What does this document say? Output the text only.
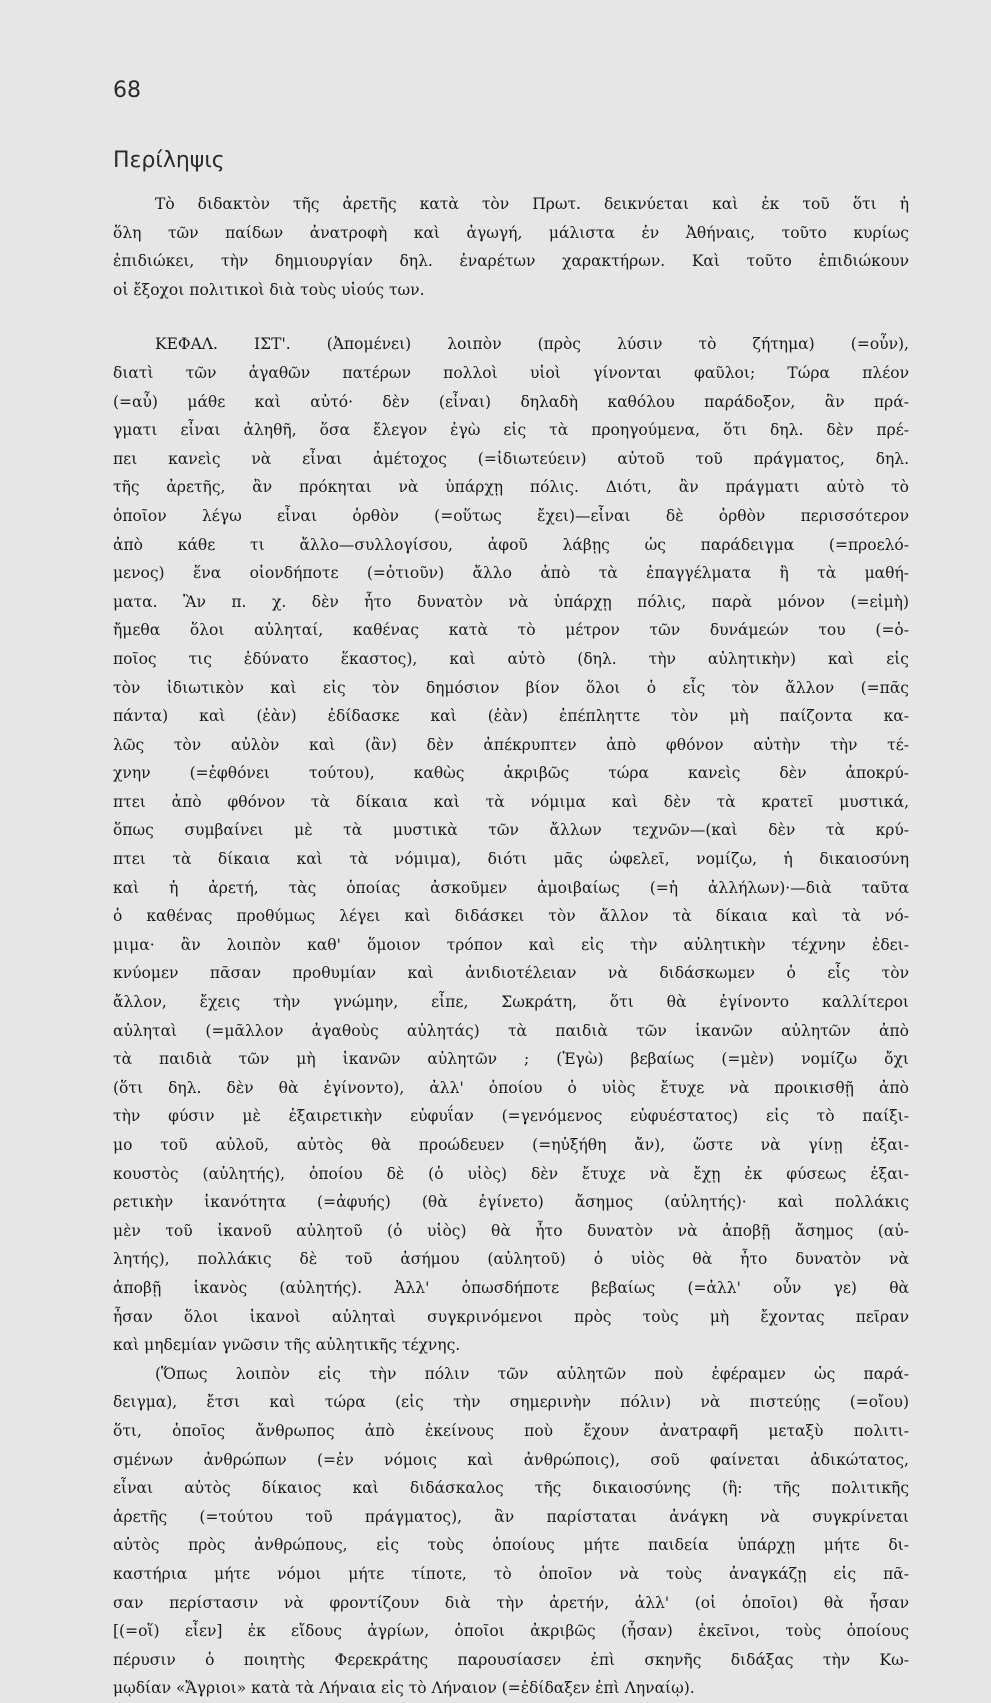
68
Περίληψις
Τὸ διδακτὸν τῆς ἀρετῆς κατὰ τὸν Πρωτ. δεικνύεται καὶ ἐκ τοῦ ὅτι ἡ
ὅλη τῶν παίδων ἀνατροφὴ καὶ ἀγωγή, μάλιστα ἐν Ἀθήναις, τοῦτο κυρίως
ἐπιδιώκει, τὴν δημιουργίαν δηλ. ἐναρέτων χαρακτήρων. Καὶ τοῦτο ἐπιδιώκουν
οἱ ἔξοχοι πολιτικοὶ διὰ τοὺς υἱούς των.
ΚΕΦΑΛ. ΙΣΤ'. (Ἀπομένει) λοιπὸν (πρὸς λύσιν τὸ ζήτημα) (=οὖν),
διατὶ τῶν ἀγαθῶν πατέρων πολλοὶ υἱοὶ γίνονται φαῦλοι; Τώρα πλέον
(=αὖ) μάθε καὶ αὐτό· δὲν (εἶναι) δηλαδὴ καθόλου παράδοξον, ἂν πρά-
γματι εἶναι ἀληθῆ, ὅσα ἔλεγον ἐγὼ εἰς τὰ προηγούμενα, ὅτι δηλ. δὲν πρέ-
πει κανεὶς νὰ εἶναι ἀμέτοχος (=ἰδιωτεύειν) αὐτοῦ τοῦ πράγματος, δηλ.
τῆς ἀρετῆς, ἂν πρόκηται νὰ ὑπάρχῃ πόλις. Διότι, ἂν πράγματι αὐτὸ τὸ
ὁποῖον λέγω εἶναι ὀρθὸν (=οὕτως ἔχει)—εἶναι δὲ ὀρθὸν περισσότερον
ἀπὸ κάθε τι ἄλλο—συλλογίσου, ἀφοῦ λάβῃς ὡς παράδειγμα (=προελό-
μενος) ἕνα οἱονδήποτε (=ὁτιοῦν) ἄλλο ἀπὸ τὰ ἐπαγγέλματα ἢ τὰ μαθή-
ματα. Ἂν π. χ. δὲν ἦτο δυνατὸν νὰ ὑπάρχῃ πόλις, παρὰ μόνον (=εἰμὴ)
ἤμεθα ὅλοι αὐληταί, καθένας κατὰ τὸ μέτρον τῶν δυνάμεών του (=ὁ-
ποῖος τις ἐδύνατο ἕκαστος), καὶ αὐτὸ (δηλ. τὴν αὐλητικὴν) καὶ εἰς
τὸν ἰδιωτικὸν καὶ εἰς τὸν δημόσιον βίον ὅλοι ὁ εἷς τὸν ἄλλον (=πᾶς
πάντα) καὶ (ἐὰν) ἐδίδασκε καὶ (ἐὰν) ἐπέπληττε τὸν μὴ παίζοντα κα-
λῶς τὸν αὐλὸν καὶ (ἂν) δὲν ἀπέκρυπτεν ἀπὸ φθόνον αὐτὴν τὴν τέ-
χνην (=ἐφθόνει τούτου), καθὼς ἀκριβῶς τώρα κανεὶς δὲν ἀποκρύ-
πτει ἀπὸ φθόνον τὰ δίκαια καὶ τὰ νόμιμα καὶ δὲν τὰ κρατεῖ μυστικά,
ὅπως συμβαίνει μὲ τὰ μυστικὰ τῶν ἄλλων τεχνῶν—(καὶ δὲν τὰ κρύ-
πτει τὰ δίκαια καὶ τὰ νόμιμα), διότι μᾶς ὠφελεῖ, νομίζω, ἡ δικαιοσύνη
καὶ ἡ ἀρετή, τὰς ὁποίας ἀσκοῦμεν ἀμοιβαίως (=ἡ ἀλλήλων)·—διὰ ταῦτα
ὁ καθένας προθύμως λέγει καὶ διδάσκει τὸν ἄλλον τὰ δίκαια καὶ τὰ νό-
μιμα· ἂν λοιπὸν καθ' ὅμοιον τρόπον καὶ εἰς τὴν αὐλητικὴν τέχνην ἐδει-
κνύομεν πᾶσαν προθυμίαν καὶ ἀνιδιοτέλειαν νὰ διδάσκωμεν ὁ εἷς τὸν
ἄλλον, ἔχεις τὴν γνώμην, εἶπε, Σωκράτη, ὅτι θὰ ἐγίνοντο καλλίτεροι
αὐληταὶ (=μᾶλλον ἀγαθοὺς αὐλητάς) τὰ παιδιὰ τῶν ἱκανῶν αὐλητῶν ἀπὸ
τὰ παιδιὰ τῶν μὴ ἱκανῶν αὐλητῶν ; (Ἐγὼ) βεβαίως (=μὲν) νομίζω ὄχι
(ὅτι δηλ. δὲν θὰ ἐγίνοντο), ἀλλ' ὁποίου ὁ υἱὸς ἔτυχε νὰ προικισθῇ ἀπὸ
τὴν φύσιν μὲ ἐξαιρετικὴν εὐφυΐαν (=γενόμενος εὐφυέστατος) εἰς τὸ παίξι-
μο τοῦ αὐλοῦ, αὐτὸς θὰ προώδευεν (=ηὐξήθη ἄν), ὥστε νὰ γίνῃ ἐξαι-
κουστὸς (αὐλητής), ὁποίου δὲ (ὁ υἱὸς) δὲν ἔτυχε νὰ ἔχῃ ἐκ φύσεως ἐξαι-
ρετικὴν ἱκανότητα (=ἀφυής) (θὰ ἐγίνετο) ἄσημος (αὐλητής)· καὶ πολλάκις
μὲν τοῦ ἱκανοῦ αὐλητοῦ (ὁ υἱὸς) θὰ ἦτο δυνατὸν νὰ ἀποβῇ ἄσημος (αὐ-
λητής), πολλάκις δὲ τοῦ ἀσήμου (αὐλητοῦ) ὁ υἱὸς θὰ ἦτο δυνατὸν νὰ
ἀποβῇ ἱκανὸς (αὐλητής). Ἀλλ' ὁπωσδήποτε βεβαίως (=ἀλλ' οὖν γε) θὰ
ἦσαν ὅλοι ἱκανοὶ αὐληταὶ συγκρινόμενοι πρὸς τοὺς μὴ ἔχοντας πεῖραν
καὶ μηδεμίαν γνῶσιν τῆς αὐλητικῆς τέχνης.
(Ὅπως λοιπὸν εἰς τὴν πόλιν τῶν αὐλητῶν ποὺ ἐφέραμεν ὡς παρά-
δειγμα), ἔτσι καὶ τώρα (εἰς τὴν σημερινὴν πόλιν) νὰ πιστεύῃς (=οἴου)
ὅτι, ὁποῖος ἄνθρωπος ἀπὸ ἐκείνους ποὺ ἔχουν ἀνατραφῆ μεταξὺ πολιτι-
σμένων ἀνθρώπων (=ἐν νόμοις καὶ ἀνθρώποις), σοῦ φαίνεται ἀδικώτατος,
εἶναι αὐτὸς δίκαιος καὶ διδάσκαλος τῆς δικαιοσύνης (ἢ: τῆς πολιτικῆς
ἀρετῆς (=τούτου τοῦ πράγματος), ἂν παρίσταται ἀνάγκη νὰ συγκρίνεται
αὐτὸς πρὸς ἀνθρώπους, εἰς τοὺς ὁποίους μήτε παιδεία ὑπάρχῃ μήτε δι-
καστήρια μήτε νόμοι μήτε τίποτε, τὸ ὁποῖον νὰ τοὺς ἀναγκάζῃ εἰς πᾶ-
σαν περίστασιν νὰ φροντίζουν διὰ τὴν ἀρετήν, ἀλλ' (οἱ ὁποῖοι) θὰ ἦσαν
[(=οἵ) εἶεν] ἐκ εἴδους ἀγρίων, ὁποῖοι ἀκριβῶς (ἦσαν) ἐκεῖνοι, τοὺς ὁποίους
πέρυσιν ὁ ποιητὴς Φερεκράτης παρουσίασεν ἐπὶ σκηνῆς διδάξας τὴν Κω-
μῳδίαν «Ἄγριοι» κατὰ τὰ Λήναια εἰς τὸ Λήναιον (=ἐδίδαξεν ἐπὶ Ληναίῳ).
